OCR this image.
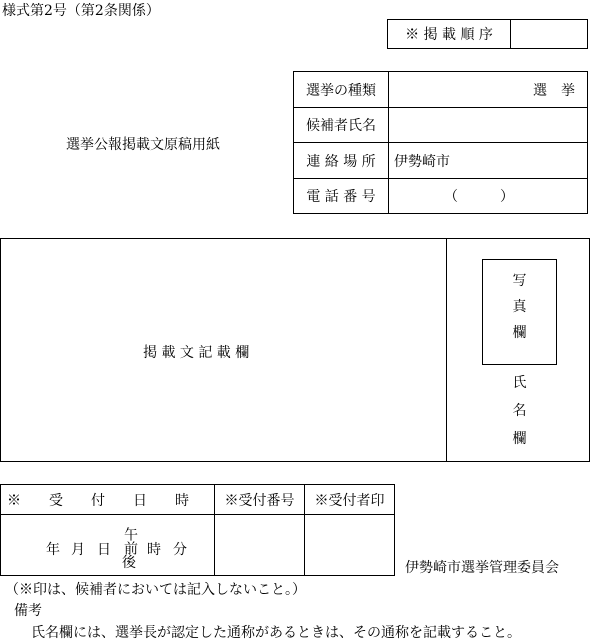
様式第2号（第2条関係）
※ 掲 載 順 序
選挙公報掲載文原稿用紙
選挙の種類	選　挙
候補者氏名
連 絡 場 所	伊勢崎市
電 話 番 号	（　　　）
掲 載 文 記 載 欄
写
真
欄
氏
名
欄
※　　受　　付　　日　　時	※受付番号	※受付者印
年 月 日 午前
後
時 分
伊勢崎市選挙管理委員会
（※印は、候補者においては記入しないこと。）
備考
氏名欄には、選挙長が認定した通称があるときは、その通称を記載すること。
